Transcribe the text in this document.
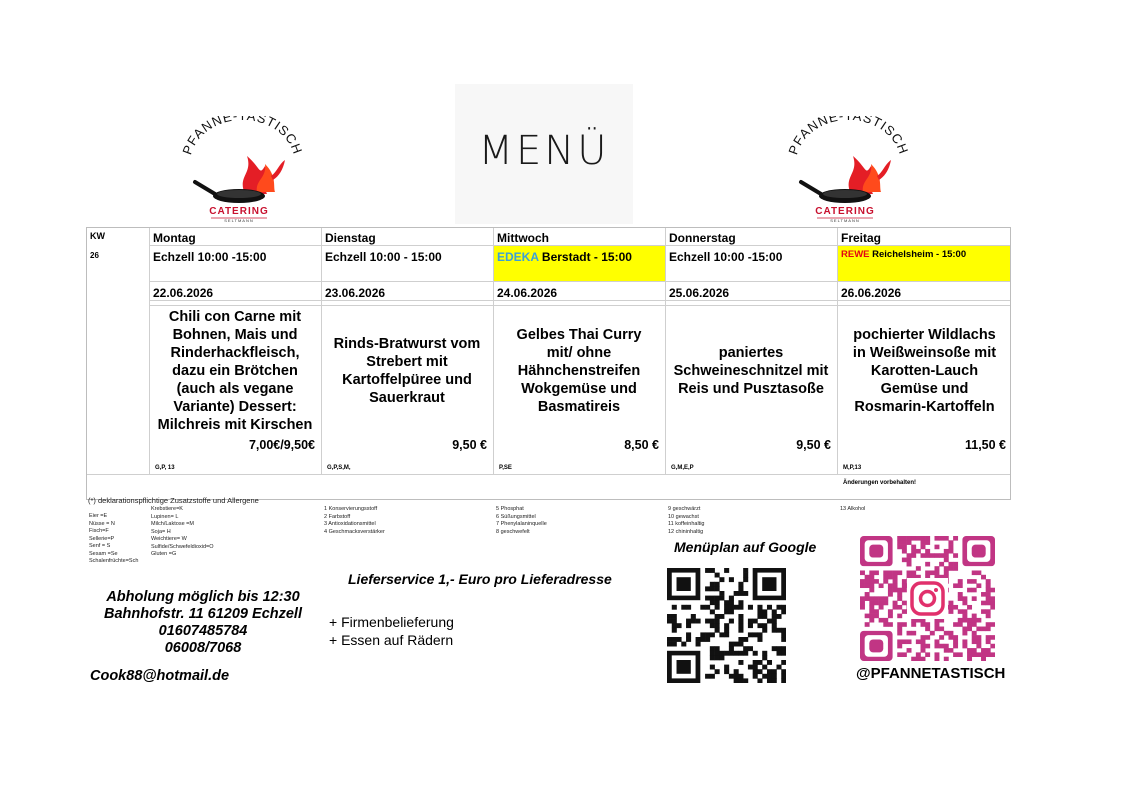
PFANNE ASTISCH
CATERING
SELTMANN
PFANNE ASTISCH
CATERING
SELTMANN
MENÜ
KW
26
Montag
Echzell 10:00 -15:00
22.06.2026
Chili con Carne mit
Bohnen, Mais und
Rinderhackfleisch,
dazu ein Brötchen
(auch als vegane
Variante) Dessert:
Milchreis mit Kirschen
7,00€/9,50€
G,P, 13
Dienstag
Echzell 10:00 - 15:00
23.06.2026
Rinds-Bratwurst vom
Strebert mit
Kartoffelpüree und
Sauerkraut
9,50 €
G,P,S,M,
Mittwoch
EDEKA Berstadt - 15:00
24.06.2026
Gelbes Thai Curry
mit/ ohne
Hähnchenstreifen
Wokgemüse und
Basmatireis
8,50 €
P,SE
Donnerstag
Echzell 10:00 -15:00
25.06.2026
paniertes
Schweineschnitzel mit
Reis und Pusztasoße
9,50 €
G,M,E,P
Freitag
REWE Reichelsheim - 15:00
26.06.2026
pochierter Wildlachs
in Weißweinsoße mit
Karotten-Lauch
Gemüse und
Rosmarin-Kartoffeln
11,50 €
M,P,13
Änderungen vorbehalten!
(*) deklarationspflichtige Zusatzstoffe und Allergene
Eier =E
Nüsse = N
Fisch=F
Sellerie=P
Senf = S
Sesam =Se
Schalenfrüchte=Sch
Krebstiere=K
Lupinen= L
Milch/Laktose =M
Soja= H
Weichtiere= W
Sulfide/Schwefeldioxid=O
Gluten =G
1 Konservierungsstoff
2 Farbstoff
3 Antioxidationsmittel
4 Geschmacksverstärker
5 Phosphat
6 Süßungsmittel
7 Phenylalaninquelle
8 geschwefelt
9 geschwärzt
10 gewachst
11 koffeinhaltig
12 chininhaltig
13 Alkohol
Abholung möglich bis 12:30
Bahnhofstr. 11 61209 Echzell
01607485784
06008/7068
Cook88@hotmail.de
Lieferservice 1,- Euro pro Lieferadresse
+ Firmenbelieferung
+ Essen auf Rädern
Menüplan auf Google
@PFANNETASTISCH
